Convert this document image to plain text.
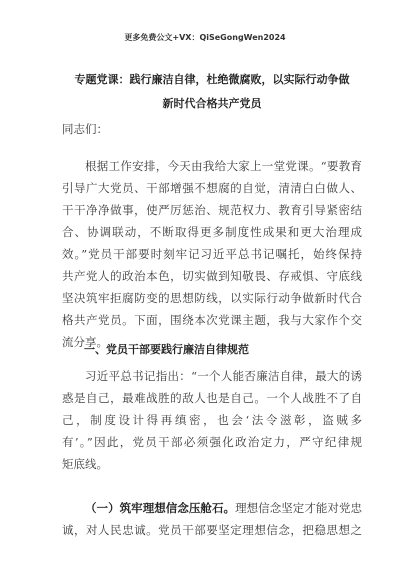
更多免费公文+VX：QiSeGongWen2024
专题党课：践行廉洁自律，杜绝微腐败，以实际行动争做
新时代合格共产党员
同志们：
根据工作安排，今天由我给大家上一堂党课。“要教育
引导广大党员、干部增强不想腐的自觉，清清白白做人、
干干净净做事，使严厉惩治、规范权力、教育引导紧密结
合、协调联动，不断取得更多制度性成果和更大治理成
效。”党员干部要时刻牢记习近平总书记嘱托，始终保持
共产党人的政治本色，切实做到知敬畏、存戒惧、守底线
坚决筑牢拒腐防变的思想防线，以实际行动争做新时代合
格共产党员。下面，围绕本次党课主题，我与大家作个交
流分享。
一、党员干部要践行廉洁自律规范
习近平总书记指出：“一个人能否廉洁自律，最大的诱
惑是自己，最难战胜的敌人也是自己。一个人战胜不了自
己，制度设计得再缜密，也会‘法令滋彰，盗贼多
有’。”因此，党员干部必须强化政治定力，严守纪律规
矩底线。
（一）筑牢理想信念压舱石。理想信念坚定才能对党忠
诚，对人民忠诚。党员干部要坚定理想信念，把稳思想之
